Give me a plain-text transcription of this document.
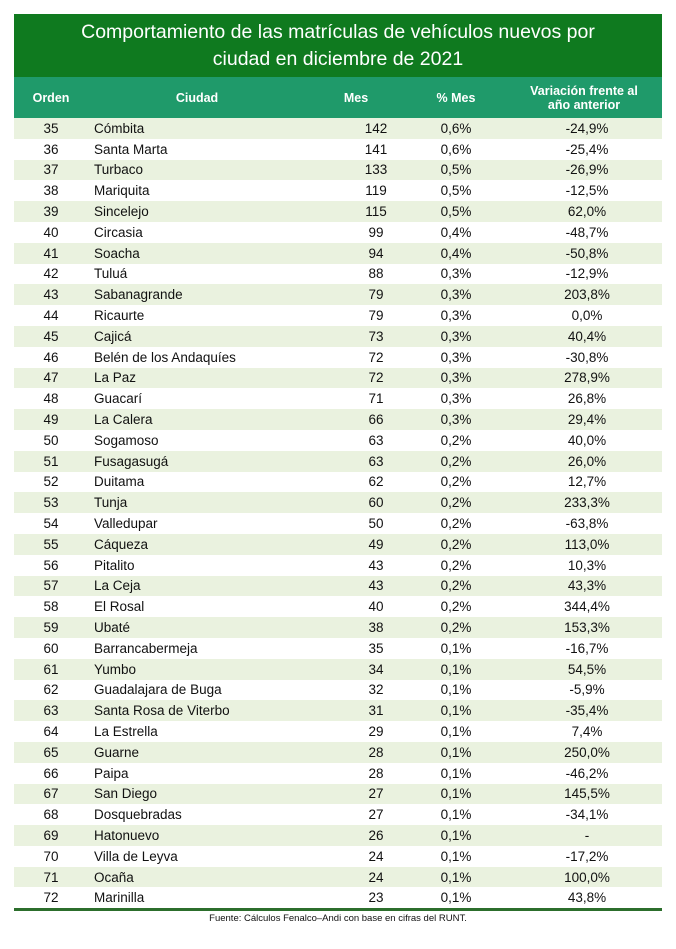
Comportamiento de las matrículas de vehículos nuevos por
ciudad en diciembre de 2021
Orden	Ciudad	Mes	% Mes	Variación frente al
año anterior
35	Cómbita	142	0,6%	-24,9%
36	Santa Marta	141	0,6%	-25,4%
37	Turbaco	133	0,5%	-26,9%
38	Mariquita	119	0,5%	-12,5%
39	Sincelejo	115	0,5%	62,0%
40	Circasia	99	0,4%	-48,7%
41	Soacha	94	0,4%	-50,8%
42	Tuluá	88	0,3%	-12,9%
43	Sabanagrande	79	0,3%	203,8%
44	Ricaurte	79	0,3%	0,0%
45	Cajicá	73	0,3%	40,4%
46	Belén de los Andaquíes	72	0,3%	-30,8%
47	La Paz	72	0,3%	278,9%
48	Guacarí	71	0,3%	26,8%
49	La Calera	66	0,3%	29,4%
50	Sogamoso	63	0,2%	40,0%
51	Fusagasugá	63	0,2%	26,0%
52	Duitama	62	0,2%	12,7%
53	Tunja	60	0,2%	233,3%
54	Valledupar	50	0,2%	-63,8%
55	Cáqueza	49	0,2%	113,0%
56	Pitalito	43	0,2%	10,3%
57	La Ceja	43	0,2%	43,3%
58	El Rosal	40	0,2%	344,4%
59	Ubaté	38	0,2%	153,3%
60	Barrancabermeja	35	0,1%	-16,7%
61	Yumbo	34	0,1%	54,5%
62	Guadalajara de Buga	32	0,1%	-5,9%
63	Santa Rosa de Viterbo	31	0,1%	-35,4%
64	La Estrella	29	0,1%	7,4%
65	Guarne	28	0,1%	250,0%
66	Paipa	28	0,1%	-46,2%
67	San Diego	27	0,1%	145,5%
68	Dosquebradas	27	0,1%	-34,1%
69	Hatonuevo	26	0,1%	-
70	Villa de Leyva	24	0,1%	-17,2%
71	Ocaña	24	0,1%	100,0%
72	Marinilla	23	0,1%	43,8%
Fuente: Cálculos Fenalco–Andi con base en cifras del RUNT.
